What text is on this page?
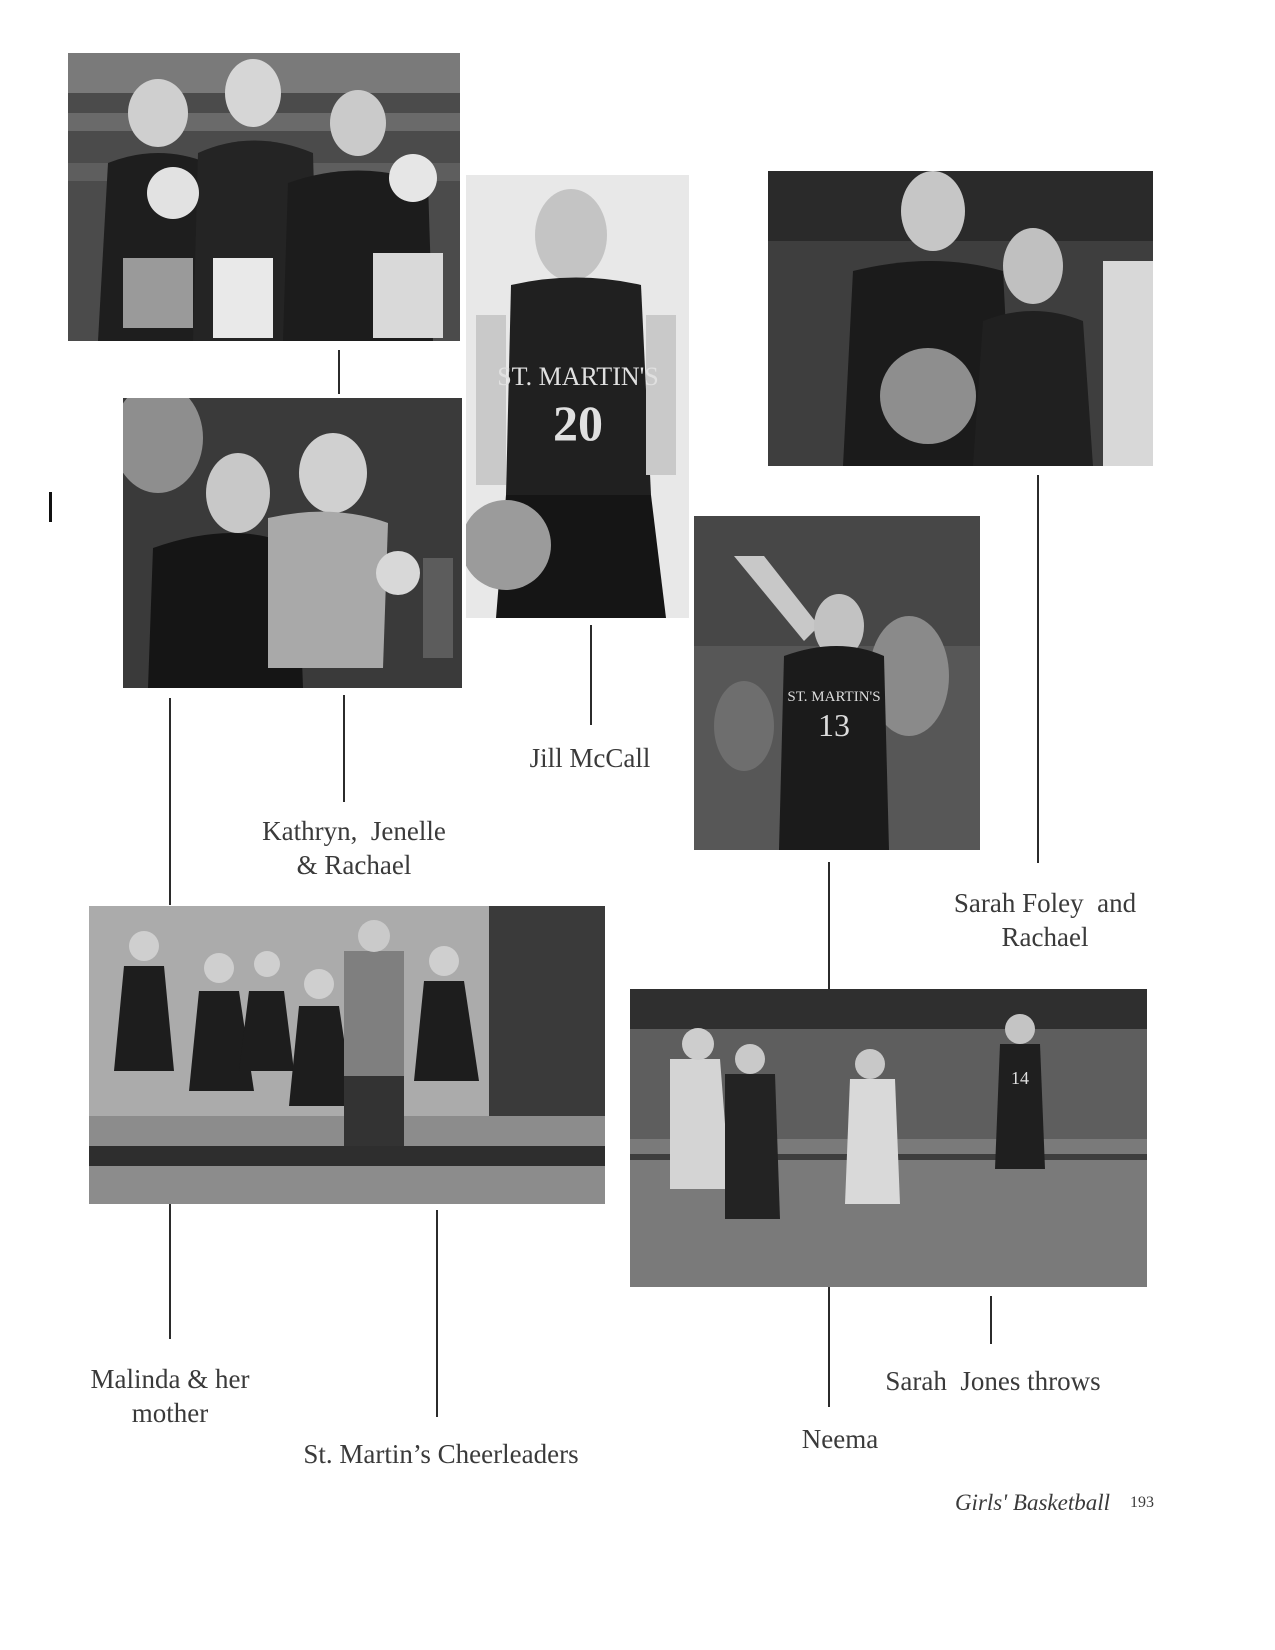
ST. MARTIN'S
20
ST. MARTIN'S
13
14
Jill McCall
Kathryn,  Jenelle
& Rachael
Sarah Foley  and
Rachael
Malinda & her
mother
St. Martin’s Cheerleaders	Neema
Sarah  Jones throws
Girls' Basketball 193
